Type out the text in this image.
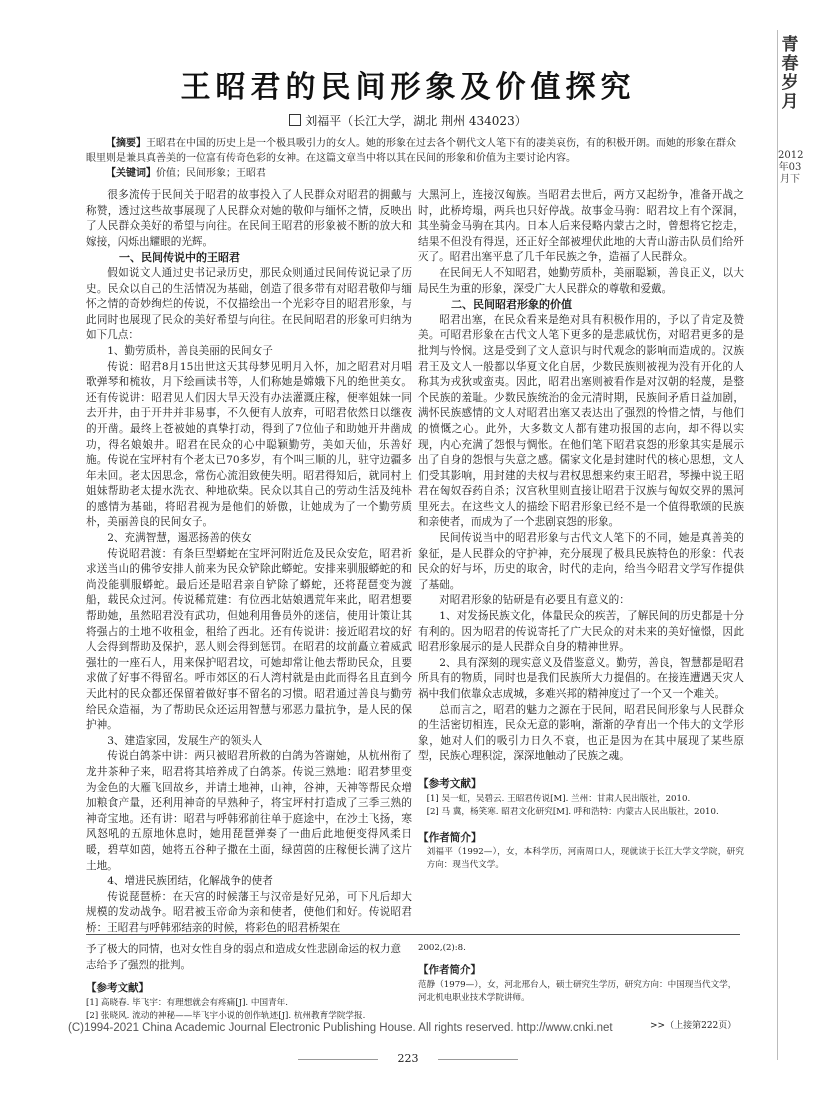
青春岁月
2012年03月下
王昭君的民间形象及价值探究
刘福平（长江大学，湖北 荆州 434023）
【摘要】王昭君在中国的历史上是一个极具吸引力的女人。她的形象在过去各个朝代文人笔下有的凄美哀伤，有的积极开朗。而她的形象在群众眼里则是兼具真善美的一位富有传奇色彩的女神。在这篇文章当中将以其在民间的形象和价值为主要讨论内容。
【关键词】价值；民间形象；王昭君

很多流传于民间关于昭君的故事投入了人民群众对昭君的拥戴与称赞，透过这些故事展现了人民群众对她的敬仰与缅怀之情，反映出了人民群众美好的希望与向往。在民间王昭君的形象被不断的放大和嫁接，闪烁出耀眼的光辉。

一、民间传说中的王昭君

假如说文人通过史书记录历史，那民众则通过民间传说记录了历史。民众以自己的生活情况为基础，创造了很多带有对昭君敬仰与缅怀之情的奇妙绚烂的传说，不仅描绘出一个光彩夺目的昭君形象，与此同时也展现了民众的美好希望与向往。在民间昭君的形象可归纳为如下几点：

1、勤劳质朴，善良美丽的民间女子

传说：昭君8月15出世这天其母梦见明月入怀，加之昭君对月唱歌弹琴和梳妆，月下绘画读书等，人们称她是嫦娥下凡的绝世美女。还有传说讲：昭君见人们因大旱天没有办法灌溉庄稼，便率姐妹一同去开井，由于开井并非易事，不久便有人放弃，可昭君依然日以继夜的开凿。最终上苍被她的真挚打动，得到了7位仙子和助她开井凿成功，得名娘娘井。昭君在民众的心中聪颖勤劳，美如天仙，乐善好施。传说在宝坪村有个老太已70多岁，有个叫三顺的儿，驻守边疆多年未回。老太因思念，常伤心流泪致使失明。昭君得知后，就同村上姐妹帮助老太提水洗衣、种地砍柴。民众以其自己的劳动生活及纯朴的感情为基础，将昭君视为是他们的娇傲，让她成为了一个勤劳质朴，美丽善良的民间女子。

2、充满智慧，遏恶扬善的侠女

传说昭君渡：有条巨型蟒蛇在宝坪河附近危及民众安危，昭君祈求送当山的佛爷安排人前来为民众铲除此蟒蛇。安排来驯服蟒蛇的和尚没能驯服蟒蛇。最后还是昭君亲自铲除了蟒蛇，还将琵琶变为渡船，载民众过河。传说稀荒建：有位西北姑娘遇荒年来此，昭君想要帮助她，虽然昭君没有武功，但她利用鲁员外的迷信，使用计策让其将强占的土地不收租金，租给了西北。还有传说讲：接近昭君坟的好人会得到帮助及保护，恶人则会得到惩罚。在昭君的坟前矗立着威武强壮的一座石人，用来保护昭君坟，可她却常让他去帮助民众，且要求做了好事不得留名。呼市郊区的石人湾村就是由此而得名且直到今天此村的民众都还保留着做好事不留名的习惯。昭君通过善良与勤劳给民众造福，为了帮助民众还运用智慧与邪恶力量抗争，是人民的保护神。

3、建造家园，发展生产的领头人

传说白鸽茶中讲：两只被昭君所救的白鸽为答谢她，从杭州衔了龙井茶种子来，昭君将其培养成了白鸽茶。传说三熟地：昭君梦里变为金色的大雁飞回故乡，并请土地神，山神，谷神，天神等帮民众增加粮食产量，还利用神奇的早熟种子，将宝坪村打造成了三季三熟的神奇宝地。还有讲：昭君与呼韩邪前往单于庭途中，在沙土飞扬，寒风怒吼的五原地休息时，她用琵琶弹奏了一曲后此地便变得风柔日暖，碧草如茵，她将五谷种子撒在土面，绿茵茵的庄稼便长满了这片土地。

4、增进民族团结，化解战争的使者

传说琵琶桥：在天宫的时候藩王与汉帝是好兄弟，可下凡后却大规模的发动战争。昭君被玉帝命为亲和使者，使他们和好。传说昭君桥：王昭君与呼韩邪结亲的时候，将彩色的昭君桥架在

大黑河上，连接汉匈族。当昭君去世后，两方又起纷争，准备开战之时，此桥垮塌，两兵也只好停战。故事金马驹：昭君坟上有个深洞，其坐骑金马驹在其内。日本人后来侵略内蒙古之时，曾想将它挖走，结果不但没有得逞，还正好全部被埋伏此地的大青山游击队员们给歼灭了。昭君出塞平息了几千年民族之争，造福了人民群众。

在民间无人不知昭君，她勤劳质朴，美丽聪颖，善良正义，以大局民生为重的形象，深受广大人民群众的尊敬和爱戴。

二、民间昭君形象的价值

昭君出塞，在民众看来是绝对具有积极作用的，予以了肯定及赞美。可昭君形象在古代文人笔下更多的是悲戚忧伤，对昭君更多的是批判与怜悯。这是受到了文人意识与时代观念的影响而造成的。汉族君王及文人一般都以华夏文化自居，少数民族则被视为没有开化的人称其为戎狄或蛮夷。因此，昭君出塞则被看作是对汉朝的轻蔑，是整个民族的羞耻。少数民族统治的金元清时期，民族间矛盾日益加剧，满怀民族感情的文人对昭君出塞又表达出了强烈的怜惜之情，与他们的愤慨之心。此外，大多数文人都有建功报国的志向，却不得以实现，内心充满了怨恨与惆怅。在他们笔下昭君哀怨的形象其实是展示出了自身的怨恨与失意之感。儒家文化是封建时代的核心思想，文人们受其影响，用封建的夫权与君权思想来约束王昭君，琴操中说王昭君在匈奴吞药自杀；汉宫秋里则直接让昭君于汉族与匈奴交界的黑河里死去。在这些文人的描绘下昭君形象已经不是一个值得歌颂的民族和亲使者，而成为了一个悲剧哀怨的形象。

民间传说当中的昭君形象与古代文人笔下的不同，她是真善美的象征，是人民群众的守护神，充分展现了极具民族特色的形象：代表民众的好与坏，历史的取舍，时代的走向，给当今昭君文学写作提供了基础。

对昭君形象的钻研是有必要且有意义的：

1、对发扬民族文化，体量民众的疾苦，了解民间的历史都是十分有利的。因为昭君的传说寄托了广大民众的对未来的美好憧憬，因此昭君形象展示的是人民群众自身的精神世界。

2、具有深刻的现实意义及借鉴意义。勤劳，善良，智慧都是昭君所具有的物质，同时也是我们民族所大力提倡的。在接连遭遇天灾人祸中我们依靠众志成城，多难兴邦的精神度过了一个又一个难关。

总而言之，昭君的魅力之源在于民间，昭君民间形象与人民群众的生活密切相连，民众无意的影响，渐渐的孕育出一个伟大的文学形象，她对人们的吸引力日久不衰，也正是因为在其中展现了某些原型，民族心理积淀，深深地触动了民族之魂。

【参考文献】

[1] 吴一虹，吴碧云. 王昭君传说[M]. 兰州：甘肃人民出版社，2010.

[2] 马 冀，杨笑寒. 昭君文化研究[M]. 呼和浩特：内蒙古人民出版社，2010.

【作者简介】

刘福平（1992—），女，本科学历，河南周口人，现就读于长江大学文学院，研究方向：现当代文学。

予了极大的同情，也对女性自身的弱点和造成女性悲剧命运的权力意志给予了强烈的批判。

【参考文献】

[1] 高晓春. 毕飞宇：有理想就会有疼痛[J]. 中国青年.

[2] 张晓风. 流动的神秘——毕飞宇小说的创作轨迹[J]. 杭州教育学院学报.

2002,(2):8.

【作者简介】

范静（1979—），女，河北邢台人，硕士研究生学历，研究方向：中国现当代文学，河北机电职业技术学院讲师。

>>（上接第222页）
(C)1994-2021 China Academic Journal Electronic Publishing House. All rights reserved. http://www.cnki.net
223
